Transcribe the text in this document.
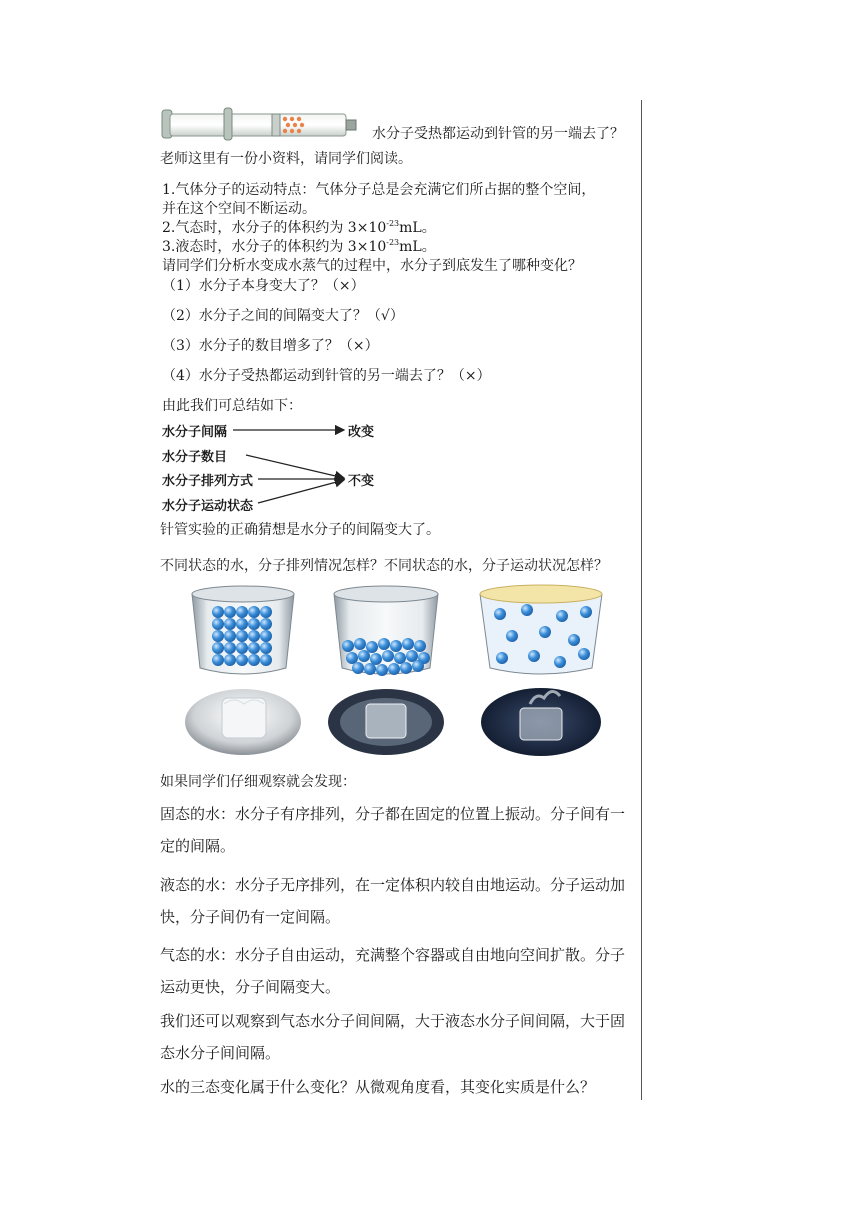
水分子受热都运动到针管的另一端去了？
老师这里有一份小资料，请同学们阅读。
1.气体分子的运动特点：气体分子总是会充满它们所占据的整个空间，
并在这个空间不断运动。
2.气态时，水分子的体积约为 $3\times 10^{-23}mL$。
3.液态时，水分子的体积约为 $3\times 10^{-23}mL$。
请同学们分析水变成水蒸气的过程中，水分子到底发生了哪种变化？
（1）水分子本身变大了？（×）
（2）水分子之间的间隔变大了？（√）
（3）水分子的数目增多了？（×）
（4）水分子受热都运动到针管的另一端去了？（×）
由此我们可总结如下：
水分子间隔
水分子数目
水分子排列方式
水分子运动状态
改变
不变
针管实验的正确猜想是水分子的间隔变大了。
不同状态的水，分子排列情况怎样？不同状态的水，分子运动状况怎样？
如果同学们仔细观察就会发现：
固态的水：水分子有序排列，分子都在固定的位置上振动。分子间有一
定的间隔。
液态的水：水分子无序排列，在一定体积内较自由地运动。分子运动加
快，分子间仍有一定间隔。
气态的水：水分子自由运动，充满整个容器或自由地向空间扩散。分子
运动更快，分子间隔变大。
我们还可以观察到气态水分子间间隔，大于液态水分子间间隔，大于固
态水分子间间隔。
水的三态变化属于什么变化？从微观角度看，其变化实质是什么？
